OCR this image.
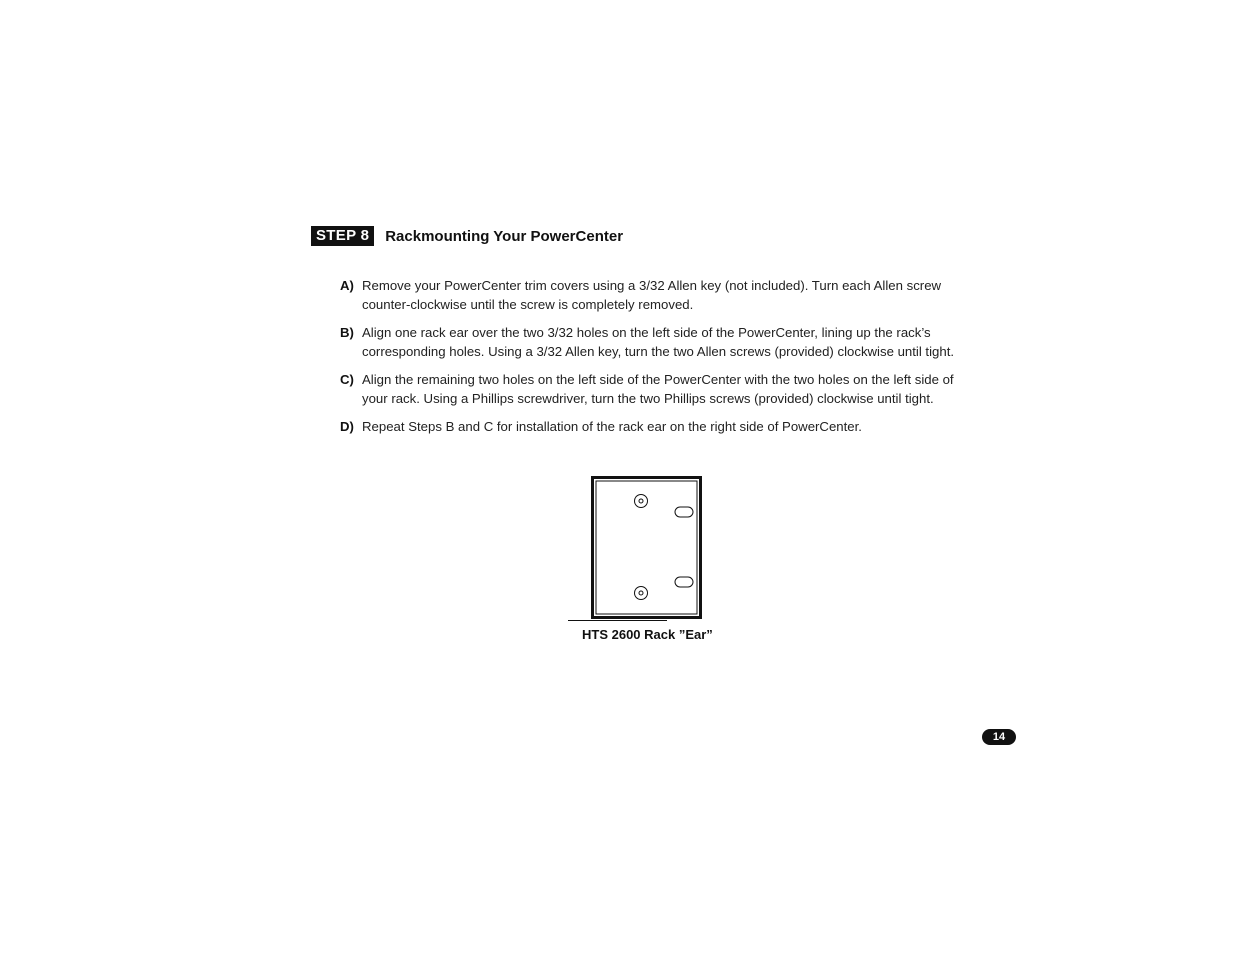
STEP 8	Rackmounting Your PowerCenter
A) Remove your PowerCenter trim covers using a 3/32 Allen key (not included). Turn each Allen screw counter-clockwise until the screw is completely removed.
B) Align one rack ear over the two 3/32 holes on the left side of the PowerCenter, lining up the rack’s corresponding holes. Using a 3/32 Allen key, turn the two Allen screws (provided) clockwise until tight.
C) Align the remaining two holes on the left side of the PowerCenter with the two holes on the left side of your rack. Using a Phillips screwdriver, turn the two Phillips screws (provided) clockwise until tight.
D) Repeat Steps B and C for installation of the rack ear on the right side of PowerCenter.
HTS 2600 Rack ”Ear”
14
